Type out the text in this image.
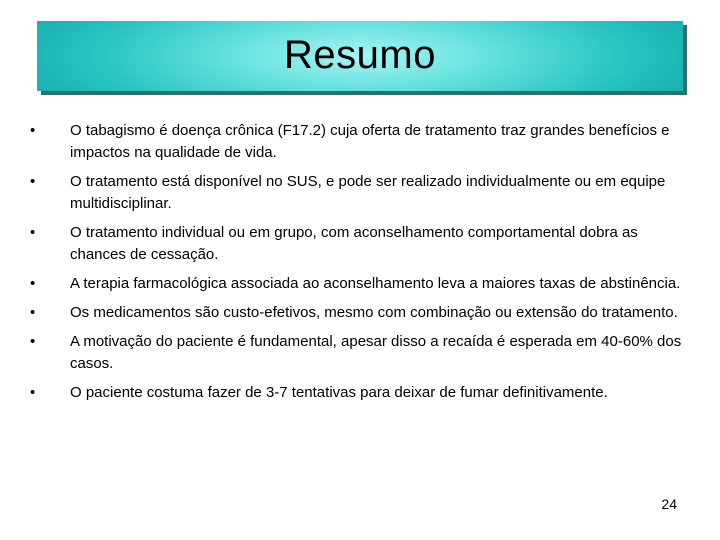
Resumo
•	O tabagismo é doença crônica (F17.2) cuja oferta de tratamento traz grandes benefícios e impactos na qualidade de vida.
•	O tratamento está disponível no SUS, e pode ser realizado individualmente ou em equipe multidisciplinar.
•	O tratamento individual ou em grupo, com aconselhamento comportamental dobra as chances de cessação.
•	A terapia farmacológica associada ao aconselhamento leva a maiores taxas de abstinência.
•	Os medicamentos são custo-efetivos, mesmo com combinação ou extensão do tratamento.
•	A motivação do paciente é fundamental, apesar disso a recaída é esperada em 40-60% dos casos.
•	O paciente costuma fazer de 3-7 tentativas para deixar de fumar definitivamente.
24
